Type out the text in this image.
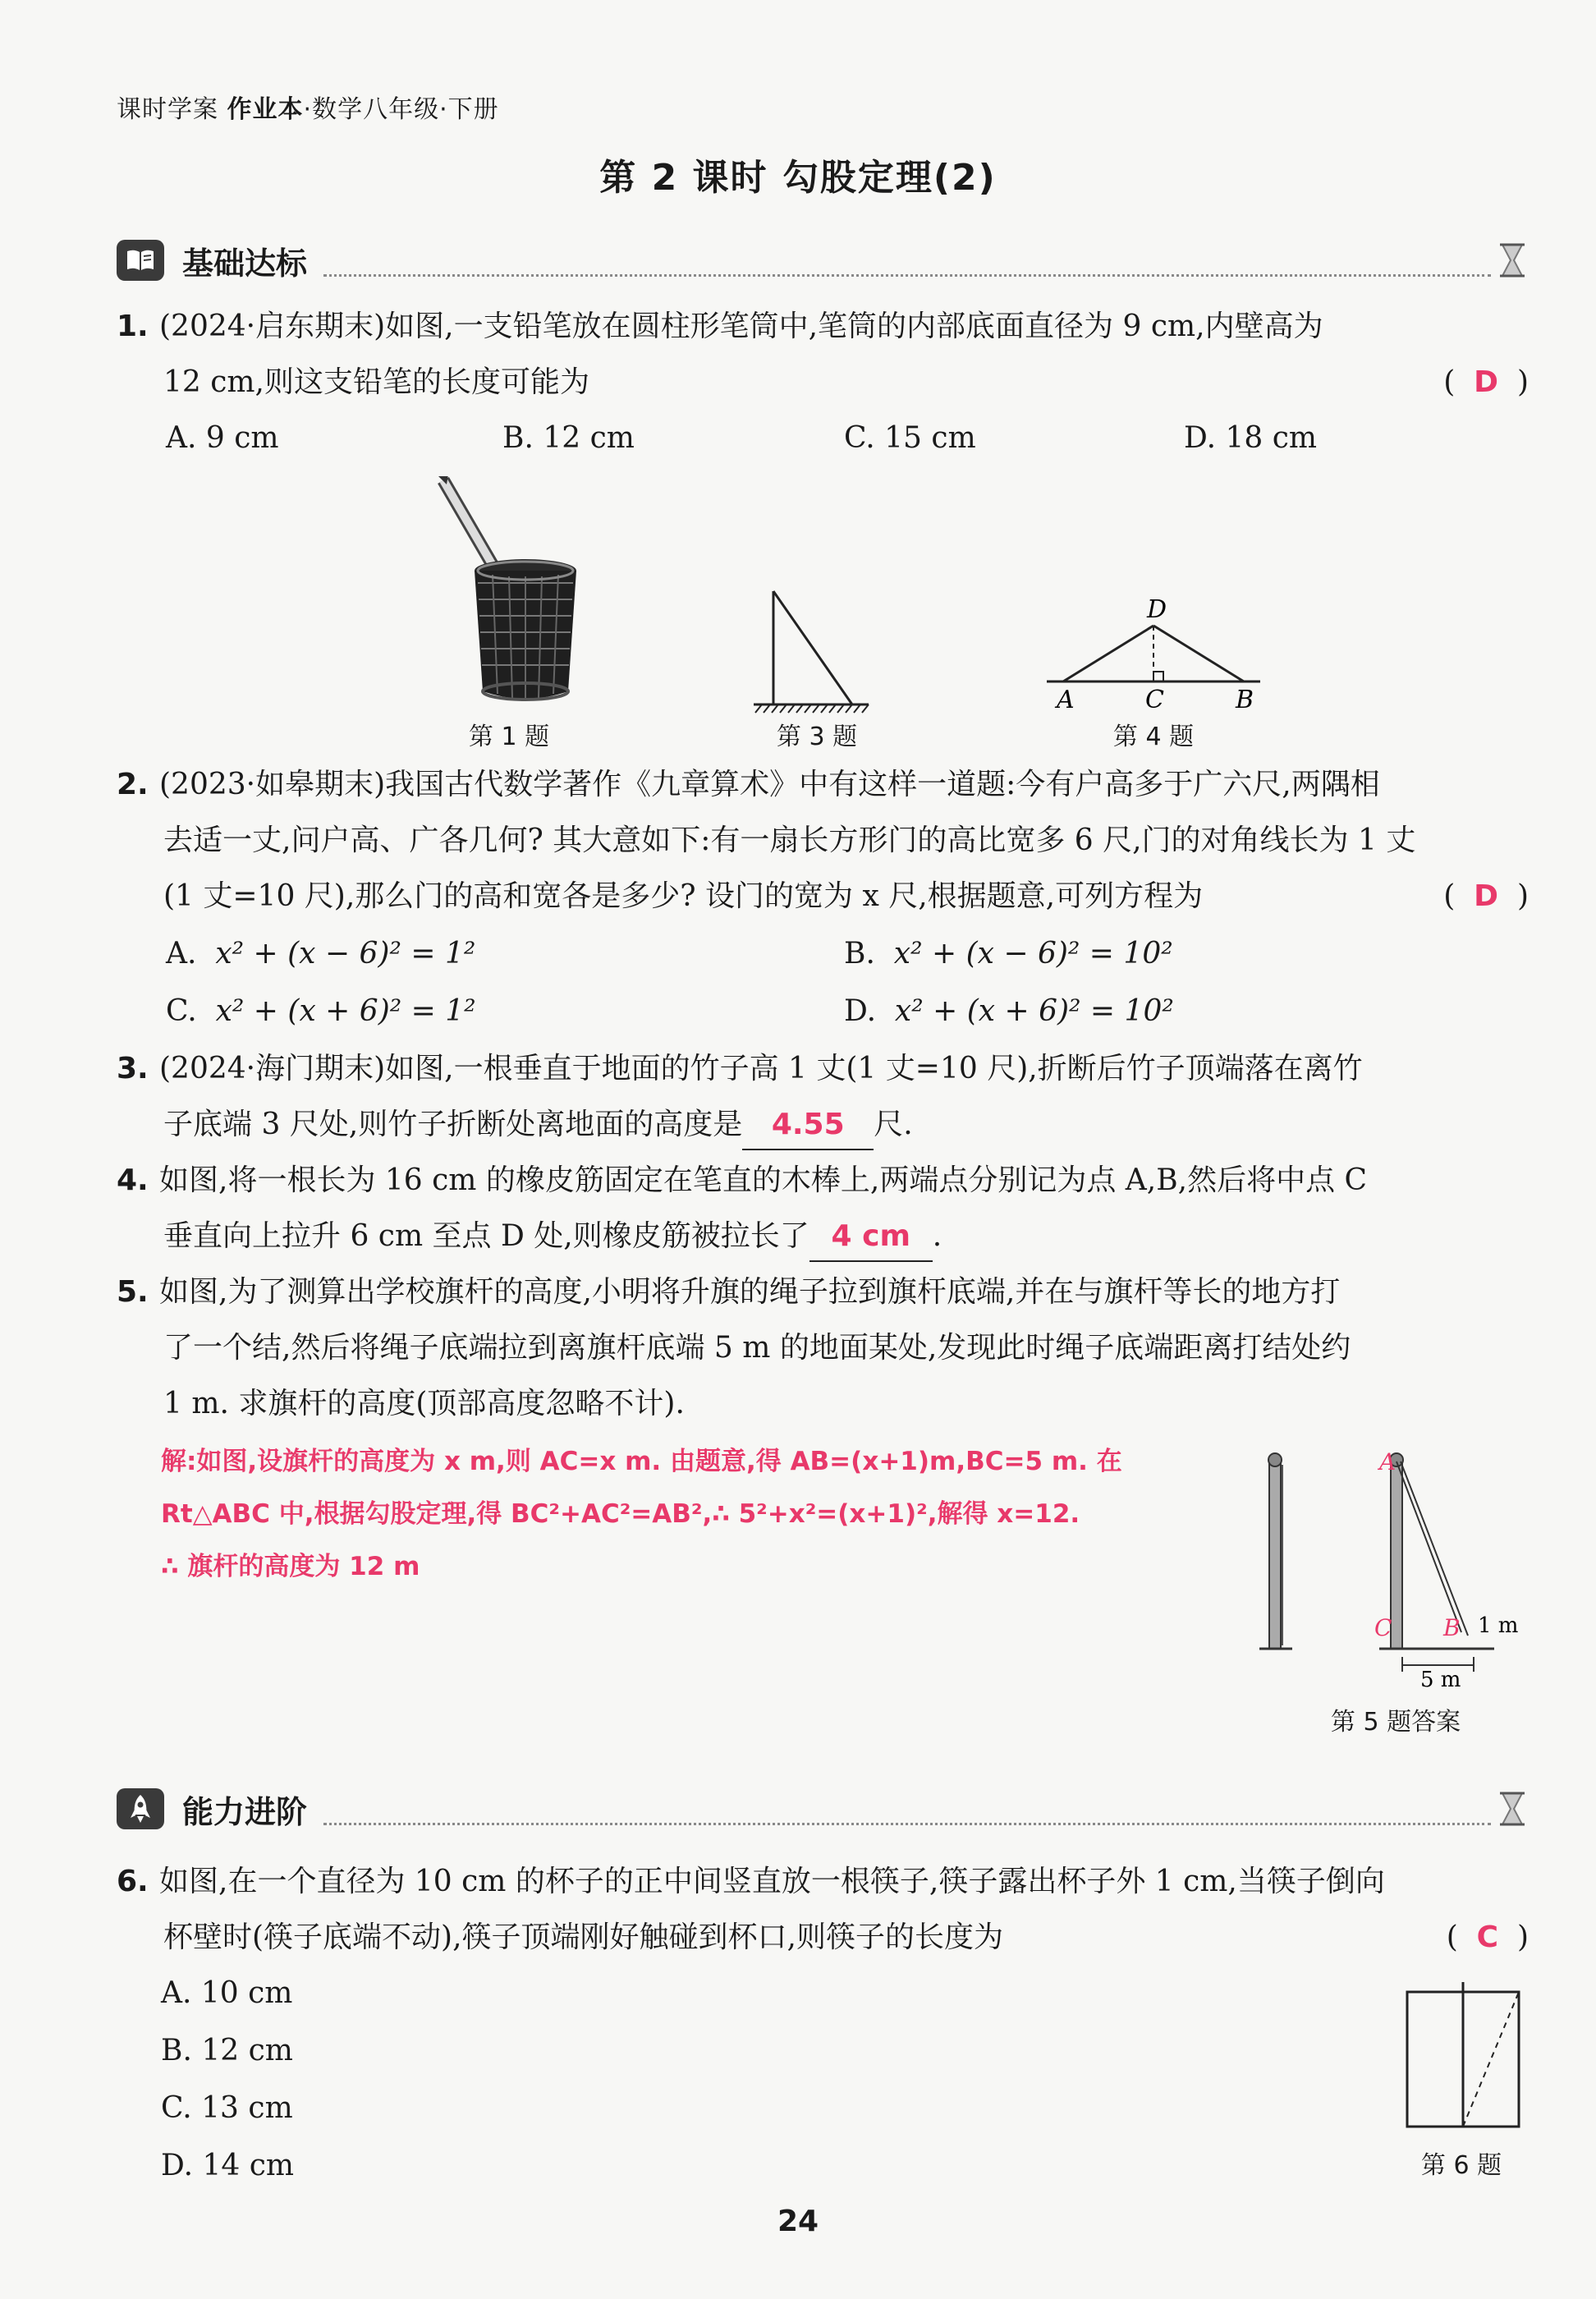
课时学案 作业本·数学八年级·下册
第 2 课时 勾股定理(2)
基础达标
1. (2024·启东期末)如图,一支铅笔放在圆柱形笔筒中,笔筒的内部底面直径为 9 cm,内壁高为
12 cm,则这支铅笔的长度可能为	(  D  )
A. 9 cm	B. 12 cm	C. 15 cm	D. 18 cm
第 1 题	第 3 题
D
A	C	B
第 4 题
2. (2023·如皋期末)我国古代数学著作《九章算术》中有这样一道题:今有户高多于广六尺,两隅相
去适一丈,问户高、广各几何? 其大意如下:有一扇长方形门的高比宽多 6 尺,门的对角线长为 1 丈
(1 丈=10 尺),那么门的高和宽各是多少? 设门的宽为 x 尺,根据题意,可列方程为	(  D  )
A. x² + (x − 6)² = 1²	B. x² + (x − 6)² = 10²
C. x² + (x + 6)² = 1²	D. x² + (x + 6)² = 10²
3. (2024·海门期末)如图,一根垂直于地面的竹子高 1 丈(1 丈=10 尺),折断后竹子顶端落在离竹
子底端 3 尺处,则竹子折断处离地面的高度是 4.55 尺.
4. 如图,将一根长为 16 cm 的橡皮筋固定在笔直的木棒上,两端点分别记为点 A,B,然后将中点 C
垂直向上拉升 6 cm 至点 D 处,则橡皮筋被拉长了 4 cm .
5. 如图,为了测算出学校旗杆的高度,小明将升旗的绳子拉到旗杆底端,并在与旗杆等长的地方打
了一个结,然后将绳子底端拉到离旗杆底端 5 m 的地面某处,发现此时绳子底端距离打结处约
1 m. 求旗杆的高度(顶部高度忽略不计).
解:如图,设旗杆的高度为 x m,则 AC=x m. 由题意,得 AB=(x+1)m,BC=5 m. 在
Rt△ABC 中,根据勾股定理,得 BC²+AC²=AB²,∴ 5²+x²=(x+1)²,解得 x=12.
∴ 旗杆的高度为 12 m
A
C B 1 m
5 m
第 5 题答案
能力进阶
6. 如图,在一个直径为 10 cm 的杯子的正中间竖直放一根筷子,筷子露出杯子外 1 cm,当筷子倒向
杯壁时(筷子底端不动),筷子顶端刚好触碰到杯口,则筷子的长度为	(  C  )
A. 10 cm
B. 12 cm
C. 13 cm
D. 14 cm	第 6 题
24
